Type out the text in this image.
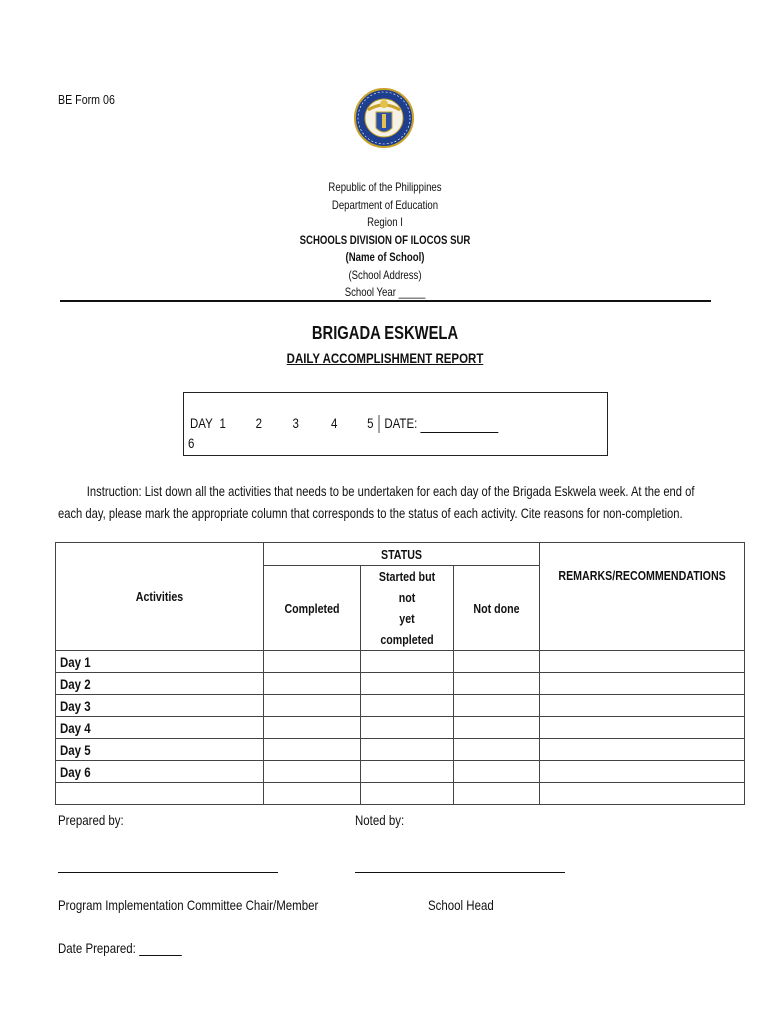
BE Form 06
Republic of the Philippines
Department of Education
Region I
SCHOOLS DIVISION OF ILOCOS SUR
(Name of School)
(School Address)
School Year _____
BRIGADA ESKWELA
DAILY ACCOMPLISHMENT REPORT
DAY 1 2 3 4 5 DATE:
6
Instruction: List down all the activities that needs to be undertaken for each day of the Brigada Eskwela week. At the end of each day, please mark the appropriate column that corresponds to the status of each activity. Cite reasons for non-completion.
Activities	STATUS			REMARKS/RECOMMENDATIONS

	Completed	Started but not
yet
completed	Not done	

Day 1				
Day 2				
Day 3				
Day 4				
Day 5				
Day 6				

Prepared by:	Noted by:
Program Implementation Committee Chair/Member	School Head
Date Prepared:
